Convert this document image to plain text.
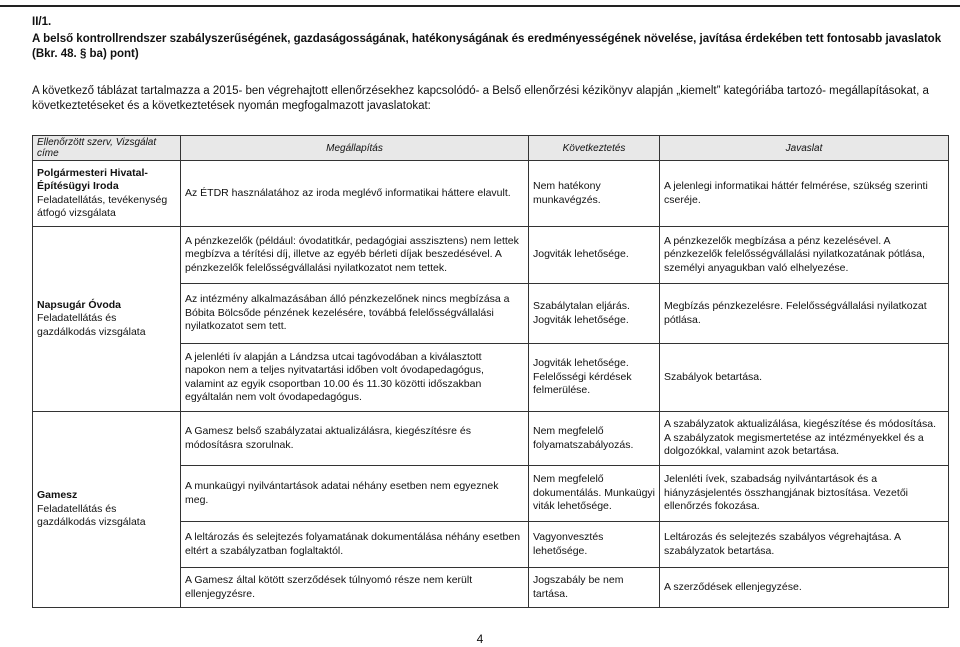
II/1.
A belső kontrollrendszer szabályszerűségének, gazdaságosságának, hatékonyságának és eredményességének növelése, javítása érdekében tett fontosabb javaslatok (Bkr. 48. § ba) pont)
A következő táblázat tartalmazza a 2015- ben végrehajtott ellenőrzésekhez kapcsolódó- a Belső ellenőrzési kézikönyv alapján „kiemelt” kategóriába tartozó- megállapításokat, a következtetéseket és a következtetések nyomán megfogalmazott javaslatokat:
Ellenőrzött szerv, Vizsgálat címe	Megállapítás	Következtetés	Javaslat

Polgármesteri Hivatal-Építésügyi Iroda
Feladatellátás, tevékenység átfogó vizsgálata	Az ÉTDR használatához az iroda meglévő informatikai háttere elavult.	Nem hatékony munkavégzés.	A jelenlegi informatikai háttér felmérése, szükség szerinti cseréje.

Napsugár Óvoda
Feladatellátás és gazdálkodás vizsgálata	A pénzkezelők (például: óvodatitkár, pedagógiai asszisztens) nem lettek megbízva a térítési díj, illetve az egyéb bérleti díjak beszedésével. A pénzkezelők felelősségvállalási nyilatkozatot nem tettek.	Jogviták lehetősége.	A pénzkezelők megbízása a pénz kezelésével. A pénzkezelők felelősségvállalási nyilatkozatának pótlása, személyi anyagukban való elhelyezése.
	Az intézmény alkalmazásában álló pénzkezelőnek nincs megbízása a Bóbita Bölcsőde pénzének kezelésére, továbbá felelősségvállalási nyilatkozatot sem tett.	Szabálytalan eljárás. Jogviták lehetősége.	Megbízás pénzkezelésre. Felelősségvállalási nyilatkozat pótlása.
	A jelenléti ív alapján a Lándzsa utcai tagóvodában a kiválasztott napokon nem a teljes nyitvatartási időben volt óvodapedagógus, valamint az egyik csoportban 10.00 és 11.30 közötti időszakban egyáltalán nem volt óvodapedagógus.	Jogviták lehetősége. Felelősségi kérdések felmerülése.	Szabályok betartása.

Gamesz
Feladatellátás és gazdálkodás vizsgálata	A Gamesz belső szabályzatai aktualizálásra, kiegészítésre és módosításra szorulnak.	Nem megfelelő folyamatszabályozás.	A szabályzatok aktualizálása, kiegészítése és módosítása. A szabályzatok megismertetése az intézményekkel és a dolgozókkal, valamint azok betartása.
	A munkaügyi nyilvántartások adatai néhány esetben nem egyeznek meg.	Nem megfelelő dokumentálás. Munkaügyi viták lehetősége.	Jelenléti ívek, szabadság nyilvántartások és a hiányzásjelentés összhangjának biztosítása. Vezetői ellenőrzés fokozása.
	A leltározás és selejtezés folyamatának dokumentálása néhány esetben eltért a szabályzatban foglaltaktól.	Vagyonvesztés lehetősége.	Leltározás és selejtezés szabályos végrehajtása. A szabályzatok betartása.
	A Gamesz által kötött szerződések túlnyomó része nem került ellenjegyzésre.	Jogszabály be nem tartása.	A szerződések ellenjegyzése.
4
